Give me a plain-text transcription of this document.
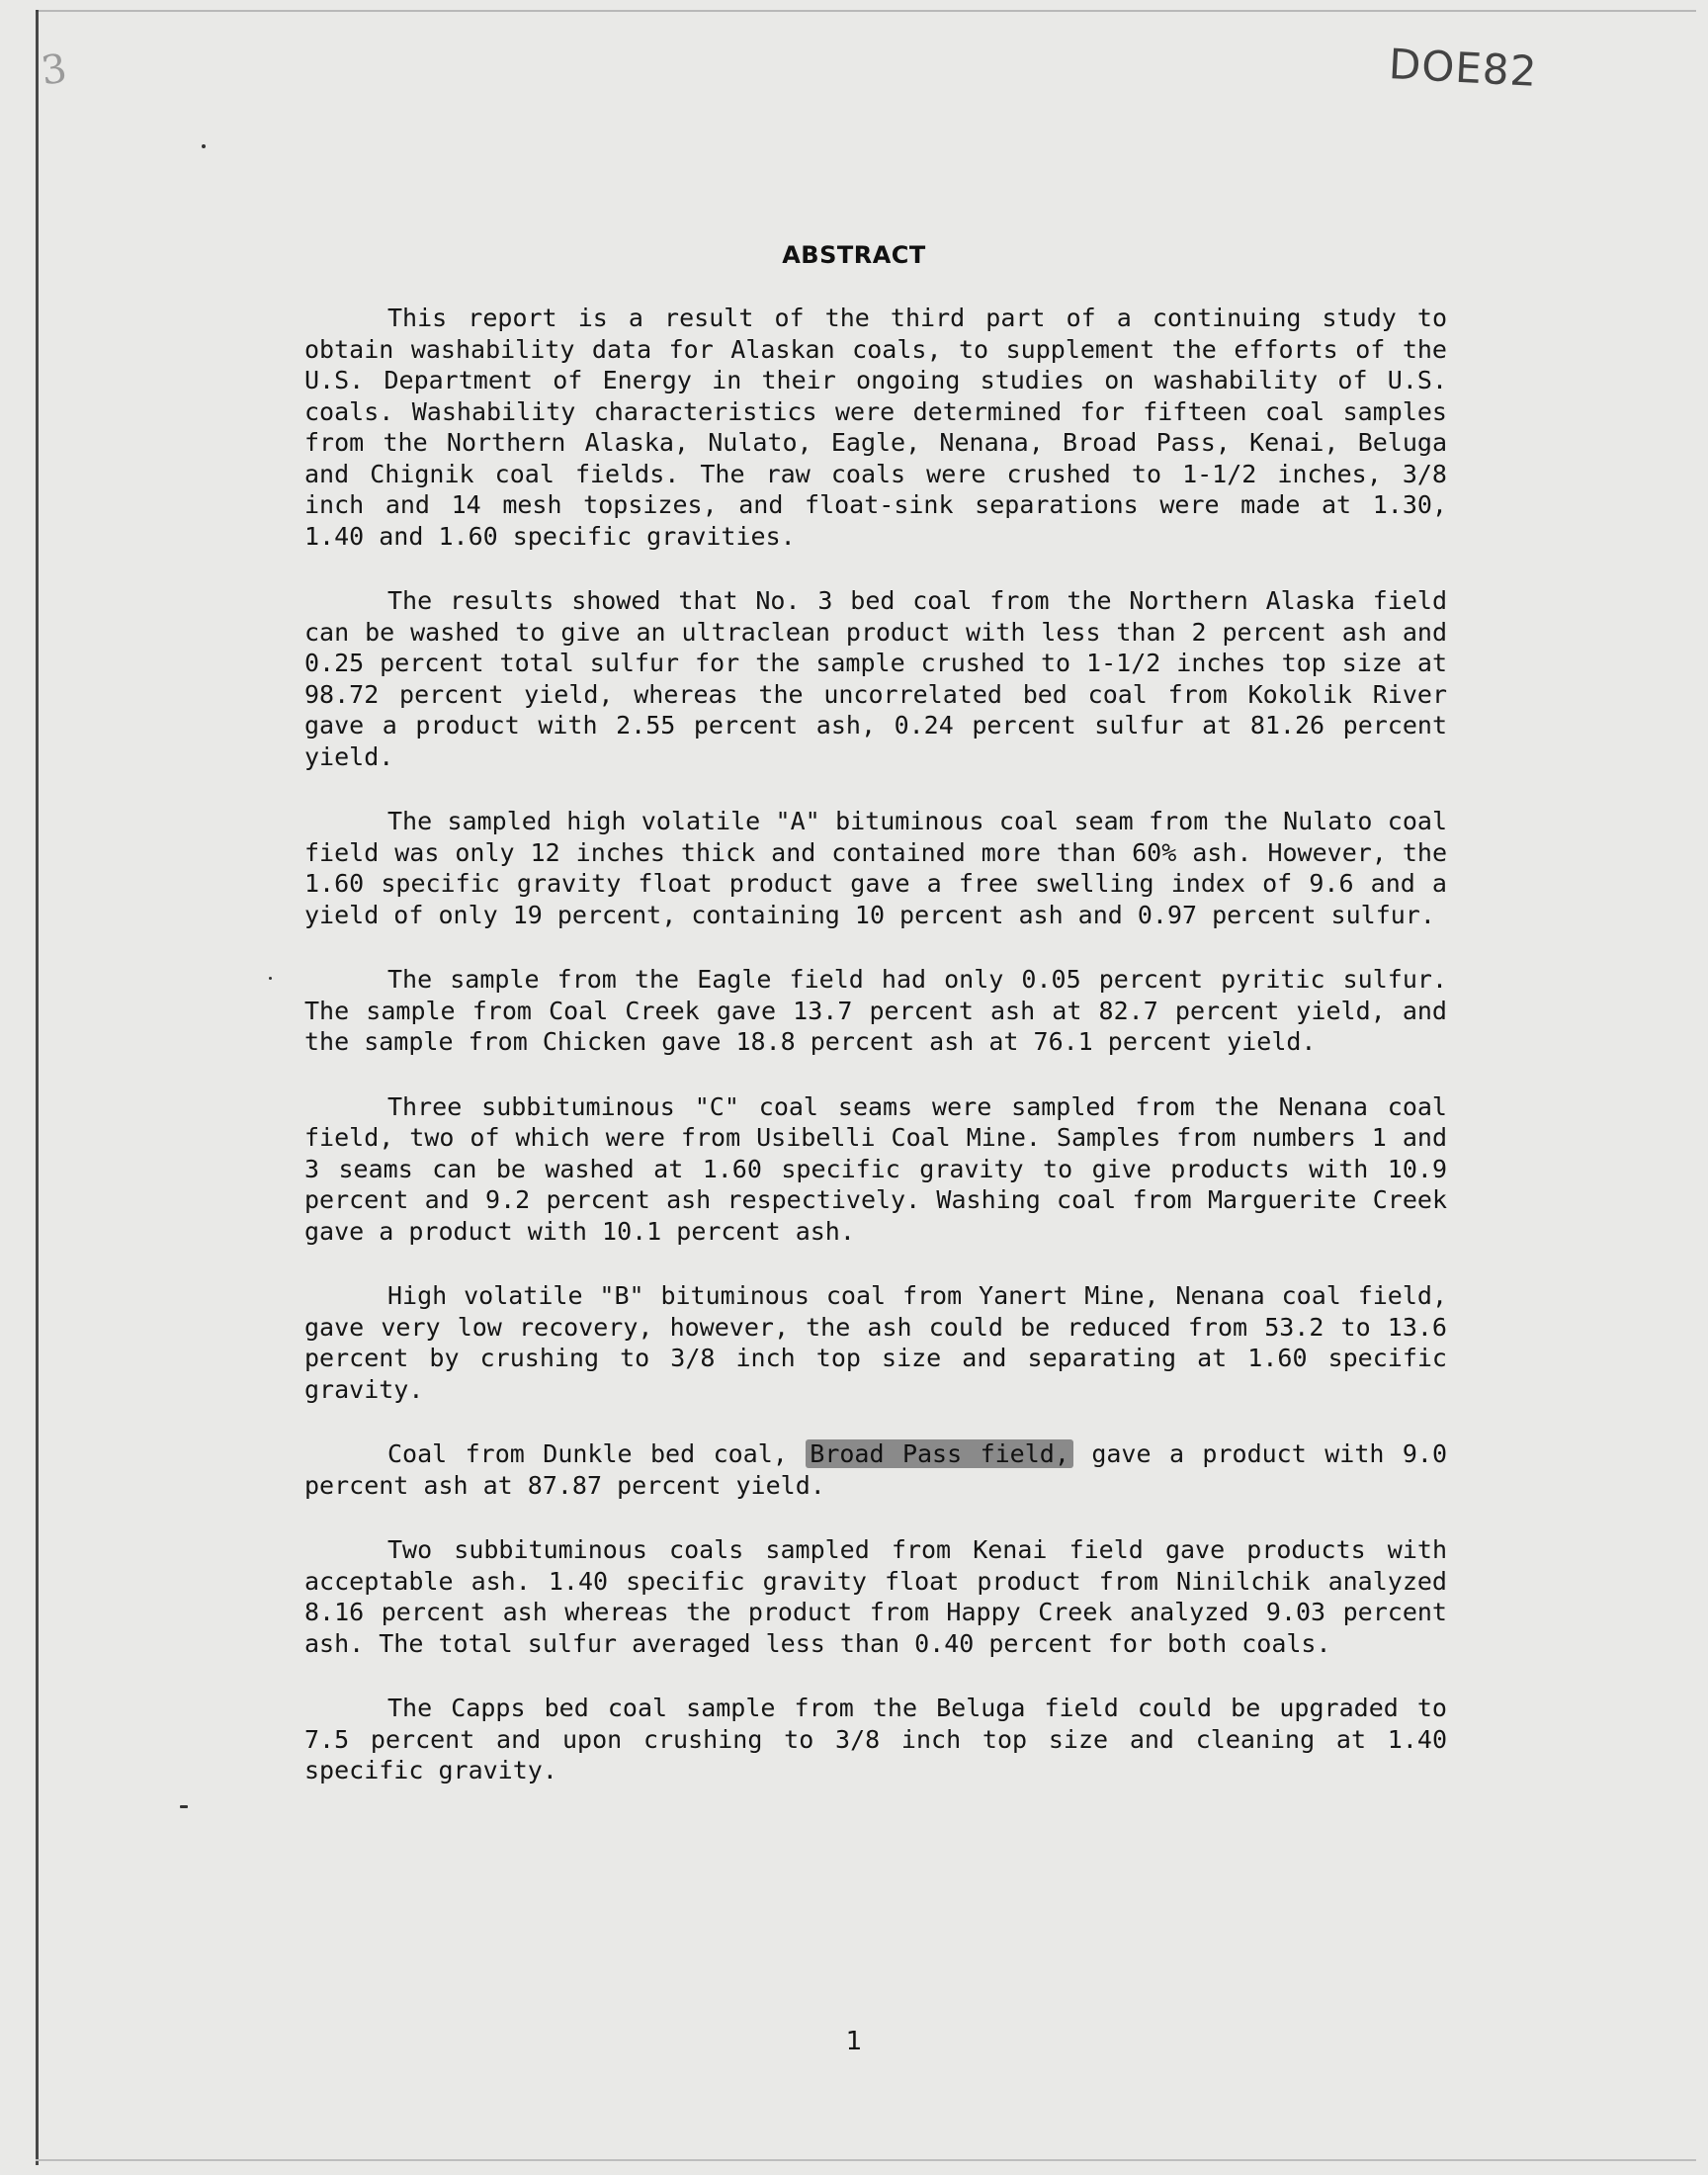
3	DOE82
ABSTRACT

This report is a result of the third part of a continuing study to obtain washability data for Alaskan coals, to supplement the efforts of the U.S. Department of Energy in their ongoing studies on washability of U.S. coals. Washability characteristics were determined for fifteen coal samples from the Northern Alaska, Nulato, Eagle, Nenana, Broad Pass, Kenai, Beluga and Chignik coal fields. The raw coals were crushed to 1-1/2 inches, 3/8 inch and 14 mesh topsizes, and float-sink separations were made at 1.30, 1.40 and 1.60 specific gravities.

The results showed that No. 3 bed coal from the Northern Alaska field can be washed to give an ultraclean product with less than 2 percent ash and 0.25 percent total sulfur for the sample crushed to 1-1/2 inches top size at 98.72 percent yield, whereas the uncorrelated bed coal from Kokolik River gave a product with 2.55 percent ash, 0.24 percent sulfur at 81.26 percent yield.

The sampled high volatile "A" bituminous coal seam from the Nulato coal field was only 12 inches thick and contained more than 60% ash. However, the 1.60 specific gravity float product gave a free swelling index of 9.6 and a yield of only 19 percent, containing 10 percent ash and 0.97 percent sulfur.

The sample from the Eagle field had only 0.05 percent pyritic sulfur. The sample from Coal Creek gave 13.7 percent ash at 82.7 percent yield, and the sample from Chicken gave 18.8 percent ash at 76.1 percent yield.

Three subbituminous "C" coal seams were sampled from the Nenana coal field, two of which were from Usibelli Coal Mine. Samples from numbers 1 and 3 seams can be washed at 1.60 specific gravity to give products with 10.9 percent and 9.2 percent ash respectively. Washing coal from Marguerite Creek gave a product with 10.1 percent ash.

High volatile "B" bituminous coal from Yanert Mine, Nenana coal field, gave very low recovery, however, the ash could be reduced from 53.2 to 13.6 percent by crushing to 3/8 inch top size and separating at 1.60 specific gravity.

Coal from Dunkle bed coal, Broad Pass field, gave a product with 9.0 percent ash at 87.87 percent yield.

Two subbituminous coals sampled from Kenai field gave products with acceptable ash. 1.40 specific gravity float product from Ninilchik analyzed 8.16 percent ash whereas the product from Happy Creek analyzed 9.03 percent ash. The total sulfur averaged less than 0.40 percent for both coals.

The Capps bed coal sample from the Beluga field could be upgraded to 7.5 percent and upon crushing to 3/8 inch top size and cleaning at 1.40 specific gravity.

1
